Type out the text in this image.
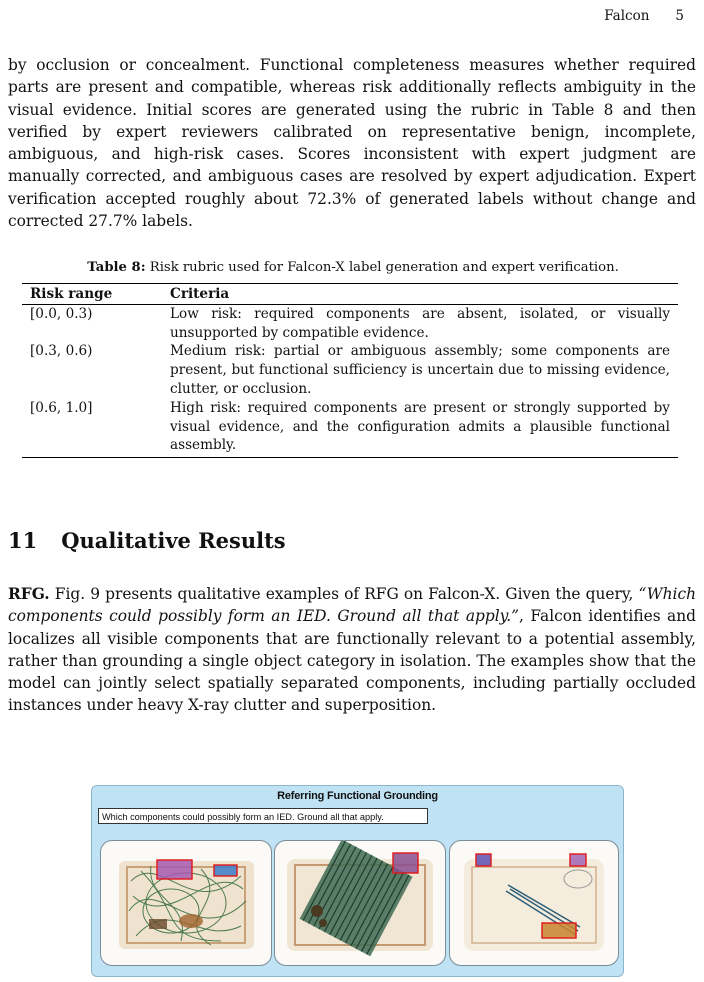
Falcon 5

by occlusion or concealment. Functional completeness measures whether required parts are present and compatible, whereas risk additionally reflects ambiguity in the visual evidence. Initial scores are generated using the rubric in Table 8 and then verified by expert reviewers calibrated on representative benign, incomplete, ambiguous, and high-risk cases. Scores inconsistent with expert judgment are manually corrected, and ambiguous cases are resolved by expert adjudication. Expert verification accepted roughly about 72.3% of generated labels without change and corrected 27.7% labels.

Table 8: Risk rubric used for Falcon-X label generation and expert verification.
Risk range	Criteria
[0.0, 0.3)	Low risk: required components are absent, isolated, or visually unsupported by compatible evidence.
[0.3, 0.6)	Medium risk: partial or ambiguous assembly; some components are present, but functional sufficiency is uncertain due to missing evidence, clutter, or occlusion.
[0.6, 1.0]	High risk: required components are present or strongly supported by visual evidence, and the configuration admits a plausible functional assembly.
11 Qualitative Results

RFG. Fig. 9 presents qualitative examples of RFG on Falcon-X. Given the query, “Which components could possibly form an IED. Ground all that apply.”, Falcon identifies and localizes all visible components that are functionally relevant to a potential assembly, rather than grounding a single object category in isolation. The examples show that the model can jointly select spatially separated components, including partially occluded instances under heavy X-ray clutter and superposition.

Referring Functional Grounding
Which components could possibly form an IED. Ground all that apply.
